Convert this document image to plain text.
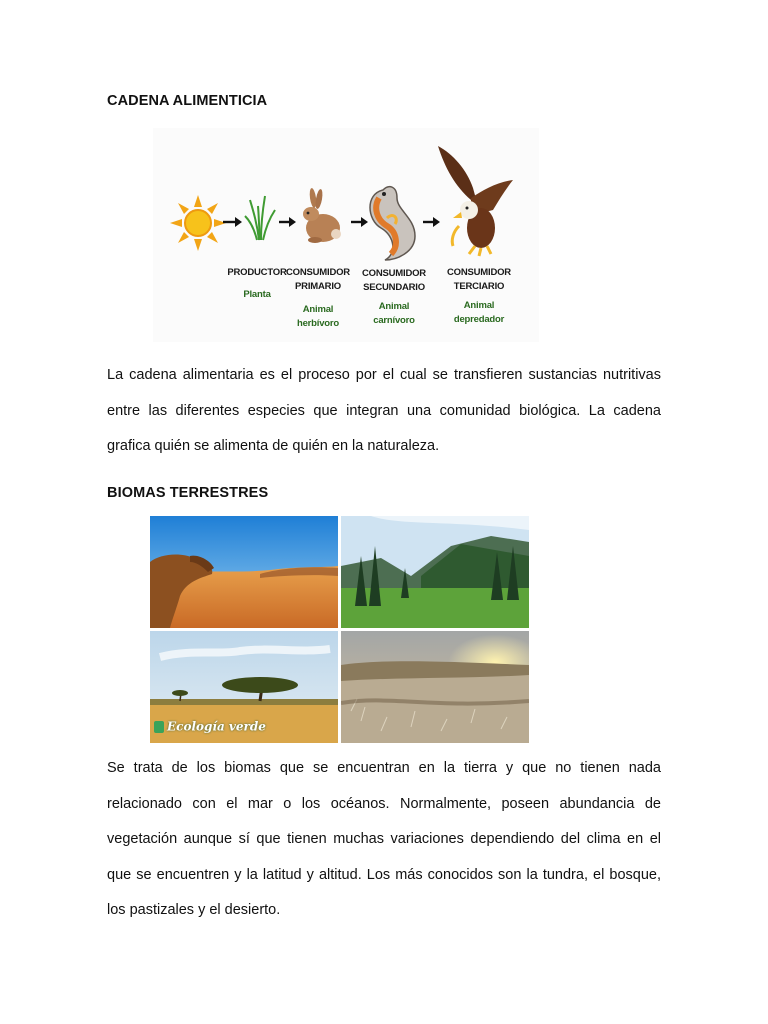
CADENA ALIMENTICIA
PRODUCTOR
Planta
CONSUMIDOR
PRIMARIO
Animal
herbívoro
CONSUMIDOR
SECUNDARIO
Animal
carnívoro
CONSUMIDOR
TERCIARIO
Animal
depredador

La cadena alimentaria es el proceso por el cual se transfieren sustancias nutritivas
entre las diferentes especies que integran una comunidad biológica. La cadena
grafica quién se alimenta de quién en la naturaleza.

BIOMAS TERRESTRES
Ecología verde

Se trata de los biomas que se encuentran en la tierra y que no tienen nada
relacionado con el mar o los océanos. Normalmente, poseen abundancia de
vegetación aunque sí que tienen muchas variaciones dependiendo del clima en el
que se encuentren y la latitud y altitud. Los más conocidos son la tundra, el bosque,
los pastizales y el desierto.
